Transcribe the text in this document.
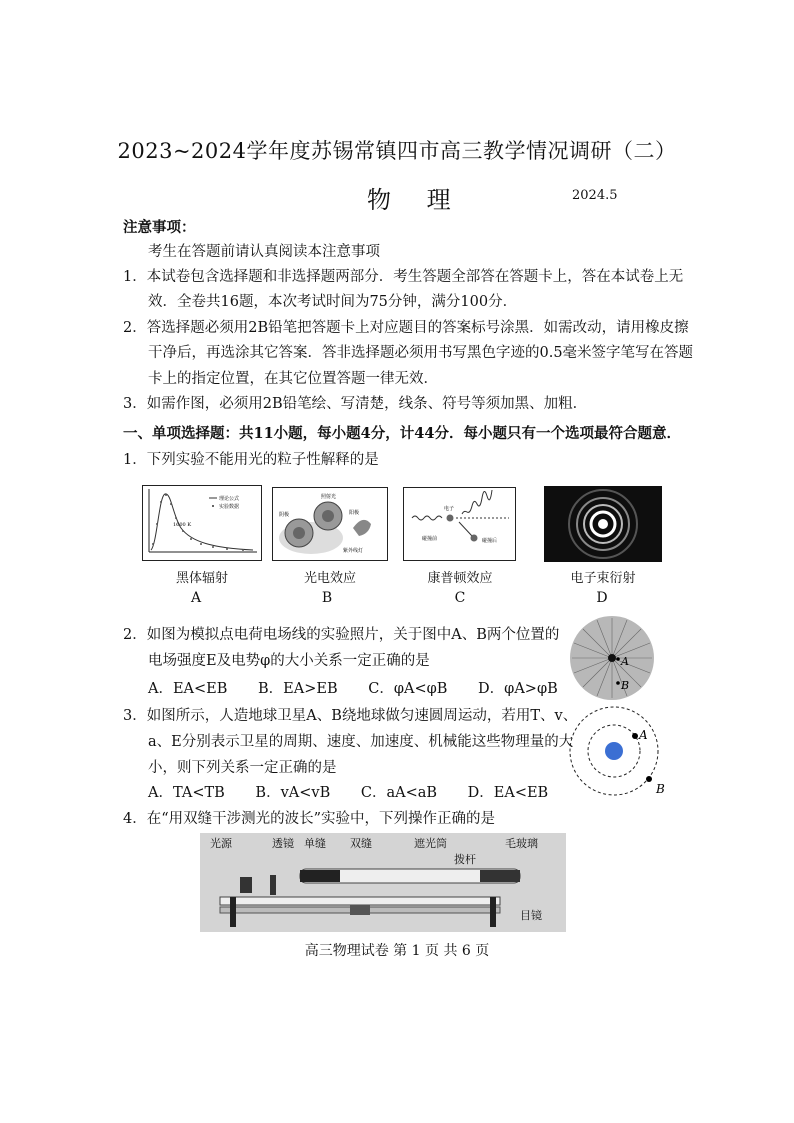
2023~2024学年度苏锡常镇四市高三教学情况调研（二）
物 理	2024.5
注意事项：
考生在答题前请认真阅读本注意事项
1．本试卷包含选择题和非选择题两部分．考生答题全部答在答题卡上，答在本试卷上无
效．全卷共16题，本次考试时间为75分钟，满分100分．
2．答选择题必须用2B铅笔把答题卡上对应题目的答案标号涂黑．如需改动，请用橡皮擦
干净后，再选涂其它答案．答非选择题必须用书写黑色字迹的0.5毫米签字笔写在答题
卡上的指定位置，在其它位置答题一律无效．
3．如需作图，必须用2B铅笔绘、写清楚，线条、符号等须加黑、加粗．
一、单项选择题：共11小题，每小题4分，计44分．每小题只有一个选项最符合题意．
1．下列实验不能用光的粒子性解释的是
理论公式
实验数据
1600 K
照射光
阳极
阴极
紫外线灯
电子
碰撞前	碰撞后
黑体辐射	光电效应	康普顿效应	电子束衍射
A	B	C	D
2．如图为模拟点电荷电场线的实验照片，关于图中A、B两个位置的
电场强度E及电势φ的大小关系一定正确的是
A．EA<EB B．EA>EB C．φA<φB D．φA>φB
A
B
3．如图所示，人造地球卫星A、B绕地球做匀速圆周运动，若用T、v、
a、E分别表示卫星的周期、速度、加速度、机械能这些物理量的大
小，则下列关系一定正确的是
A．TA<TB B．vA<vB C．aA<aB D．EA<EB
A
B
4．在“用双缝干涉测光的波长”实验中，下列操作正确的是
光源	透镜 单缝 双缝	遮光筒	毛玻璃
拨杆
目镜
高三物理试卷 第 1 页 共 6 页
